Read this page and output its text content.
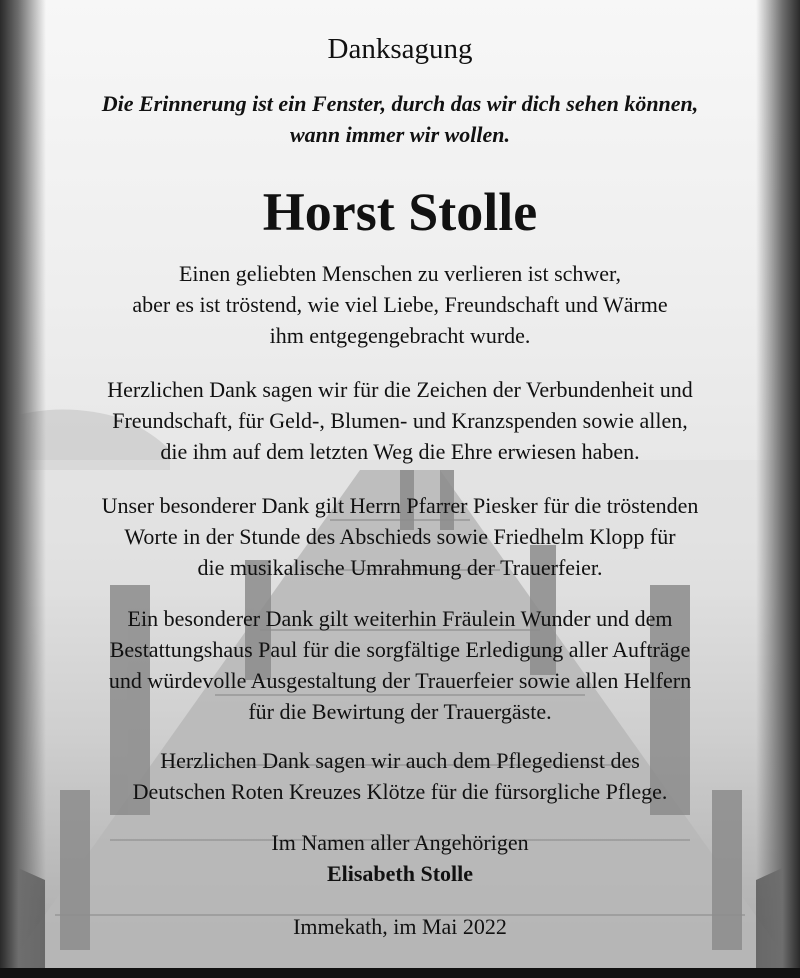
Danksagung
Die Erinnerung ist ein Fenster, durch das wir dich sehen können,
wann immer wir wollen.
Horst Stolle
Einen geliebten Menschen zu verlieren ist schwer,
aber es ist tröstend, wie viel Liebe, Freundschaft und Wärme
ihm entgegengebracht wurde.
Herzlichen Dank sagen wir für die Zeichen der Verbundenheit und
Freundschaft, für Geld-, Blumen- und Kranzspenden sowie allen,
die ihm auf dem letzten Weg die Ehre erwiesen haben.
Unser besonderer Dank gilt Herrn Pfarrer Piesker für die tröstenden
Worte in der Stunde des Abschieds sowie Friedhelm Klopp für
die musikalische Umrahmung der Trauerfeier.
Ein besonderer Dank gilt weiterhin Fräulein Wunder und dem
Bestattungshaus Paul für die sorgfältige Erledigung aller Aufträge
und würdevolle Ausgestaltung der Trauerfeier sowie allen Helfern
für die Bewirtung der Trauergäste.
Herzlichen Dank sagen wir auch dem Pflegedienst des
Deutschen Roten Kreuzes Klötze für die fürsorgliche Pflege.
Im Namen aller Angehörigen
Elisabeth Stolle
Immekath, im Mai 2022
